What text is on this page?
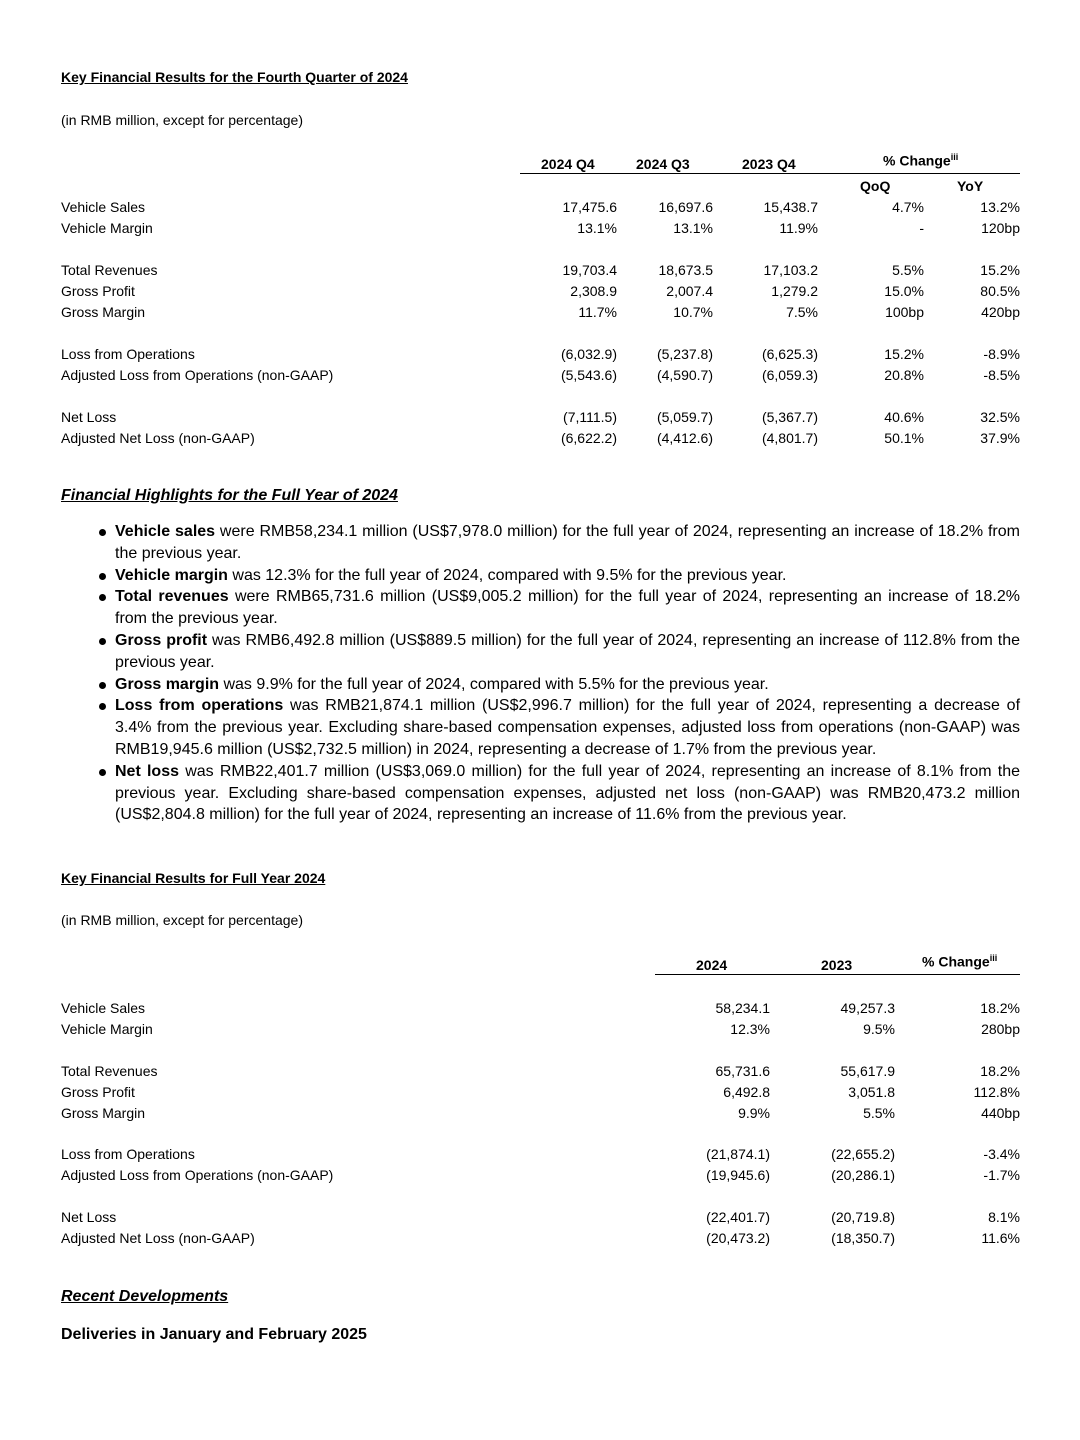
Key Financial Results for the Fourth Quarter of 2024
(in RMB million, except for percentage)
2024 Q4	2024 Q3	2023 Q4	% Change$^{iii}$
QoQ	YoY
Vehicle Sales	17,475.6	16,697.6	15,438.7	4.7%	13.2%
Vehicle Margin	13.1%	13.1%	11.9%	-	120bp
Total Revenues	19,703.4	18,673.5	17,103.2	5.5%	15.2%
Gross Profit	2,308.9	2,007.4	1,279.2	15.0%	80.5%
Gross Margin	11.7%	10.7%	7.5%	100bp	420bp
Loss from Operations	(6,032.9)	(5,237.8)	(6,625.3)	15.2%	-8.9%
Adjusted Loss from Operations (non-GAAP)	(5,543.6)	(4,590.7)	(6,059.3)	20.8%	-8.5%
Net Loss	(7,111.5)	(5,059.7)	(5,367.7)	40.6%	32.5%
Adjusted Net Loss (non-GAAP)	(6,622.2)	(4,412.6)	(4,801.7)	50.1%	37.9%
Financial Highlights for the Full Year of 2024
Vehicle sales were RMB58,234.1 million (US$7,978.0 million) for the full year of 2024, representing an increase of 18.2% from the previous year.
Vehicle margin was 12.3% for the full year of 2024, compared with 9.5% for the previous year.
Total revenues were RMB65,731.6 million (US$9,005.2 million) for the full year of 2024, representing an increase of 18.2% from the previous year.
Gross profit was RMB6,492.8 million (US$889.5 million) for the full year of 2024, representing an increase of 112.8% from the previous year.
Gross margin was 9.9% for the full year of 2024, compared with 5.5% for the previous year.
Loss from operations was RMB21,874.1 million (US$2,996.7 million) for the full year of 2024, representing a decrease of 3.4% from the previous year. Excluding share-based compensation expenses, adjusted loss from operations (non-GAAP) was RMB19,945.6 million (US$2,732.5 million) in 2024, representing a decrease of 1.7% from the previous year.
Net loss was RMB22,401.7 million (US$3,069.0 million) for the full year of 2024, representing an increase of 8.1% from the previous year. Excluding share-based compensation expenses, adjusted net loss (non-GAAP) was RMB20,473.2 million (US$2,804.8 million) for the full year of 2024, representing an increase of 11.6% from the previous year.
Key Financial Results for Full Year 2024
(in RMB million, except for percentage)
2024	2023	% Change$^{iii}$
Vehicle Sales	58,234.1	49,257.3	18.2%
Vehicle Margin	12.3%	9.5%	280bp
Total Revenues	65,731.6	55,617.9	18.2%
Gross Profit	6,492.8	3,051.8	112.8%
Gross Margin	9.9%	5.5%	440bp
Loss from Operations	(21,874.1)	(22,655.2)	-3.4%
Adjusted Loss from Operations (non-GAAP)	(19,945.6)	(20,286.1)	-1.7%
Net Loss	(22,401.7)	(20,719.8)	8.1%
Adjusted Net Loss (non-GAAP)	(20,473.2)	(18,350.7)	11.6%
Recent Developments
Deliveries in January and February 2025
